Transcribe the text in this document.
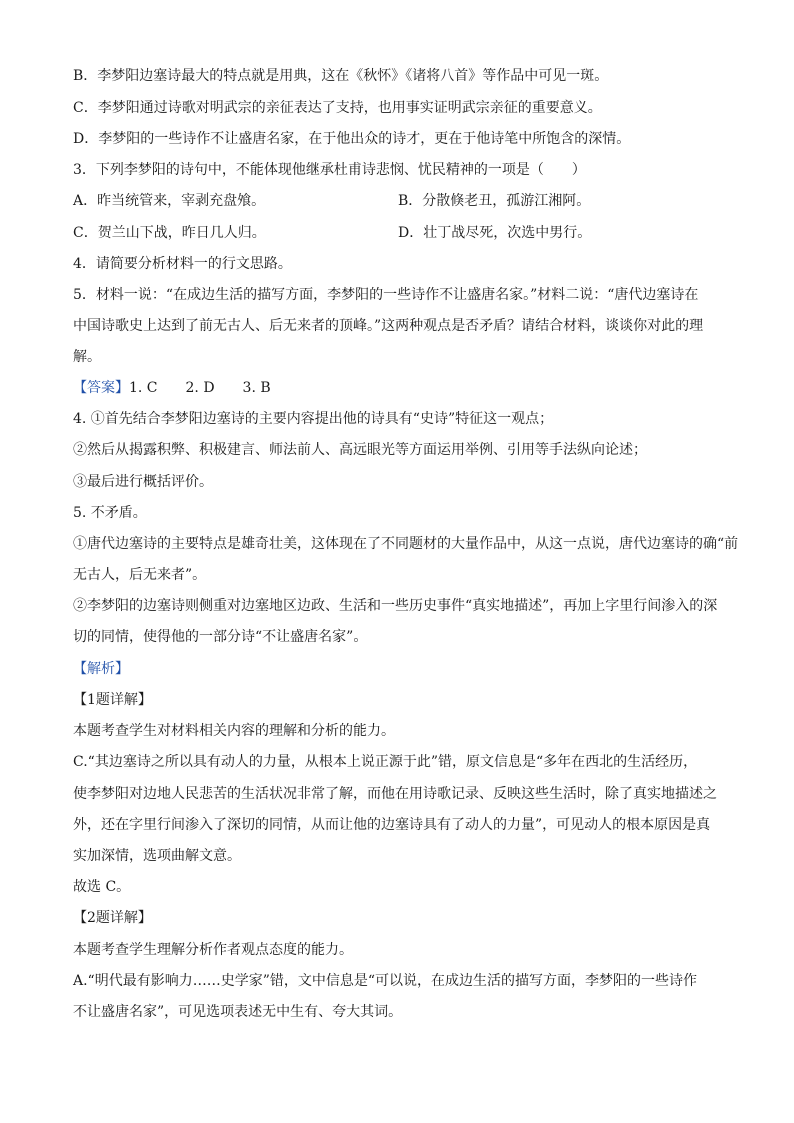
B．李梦阳边塞诗最大的特点就是用典，这在《秋怀》《诸将八首》等作品中可见一斑。
C．李梦阳通过诗歌对明武宗的亲征表达了支持，也用事实证明武宗亲征的重要意义。
D．李梦阳的一些诗作不让盛唐名家，在于他出众的诗才，更在于他诗笔中所饱含的深情。
3．下列李梦阳的诗句中，不能体现他继承杜甫诗悲悯、忧民精神的一项是（　　）
A．昨当统管来，宰剥充盘飧。	B．分散倏老丑，孤游江湘阿。
C．贺兰山下战，昨日几人归。	D．壮丁战尽死，次选中男行。
4．请简要分析材料一的行文思路。
5．材料一说：“在成边生活的描写方面，李梦阳的一些诗作不让盛唐名家。”材料二说：“唐代边塞诗在
中国诗歌史上达到了前无古人、后无来者的顶峰。”这两种观点是否矛盾？请结合材料，谈谈你对此的理
解。
【答案】1. C　　2. D　　3. B
4. ①首先结合李梦阳边塞诗的主要内容提出他的诗具有“史诗”特征这一观点；
②然后从揭露积弊、积极建言、师法前人、高远眼光等方面运用举例、引用等手法纵向论述；
③最后进行概括评价。
5. 不矛盾。
①唐代边塞诗的主要特点是雄奇壮美，这体现在了不同题材的大量作品中，从这一点说，唐代边塞诗的确“前
无古人，后无来者”。
②李梦阳的边塞诗则侧重对边塞地区边政、生活和一些历史事件“真实地描述”，再加上字里行间渗入的深
切的同情，使得他的一部分诗“不让盛唐名家”。
【解析】
【1题详解】
本题考查学生对材料相关内容的理解和分析的能力。
C.“其边塞诗之所以具有动人的力量，从根本上说正源于此”错，原文信息是“多年在西北的生活经历，
使李梦阳对边地人民悲苦的生活状况非常了解，而他在用诗歌记录、反映这些生活时，除了真实地描述之
外，还在字里行间渗入了深切的同情，从而让他的边塞诗具有了动人的力量”，可见动人的根本原因是真
实加深情，选项曲解文意。
故选 C。
【2题详解】
本题考查学生理解分析作者观点态度的能力。
A.“明代最有影响力……史学家”错，文中信息是“可以说，在成边生活的描写方面，李梦阳的一些诗作
不让盛唐名家”，可见选项表述无中生有、夸大其词。
